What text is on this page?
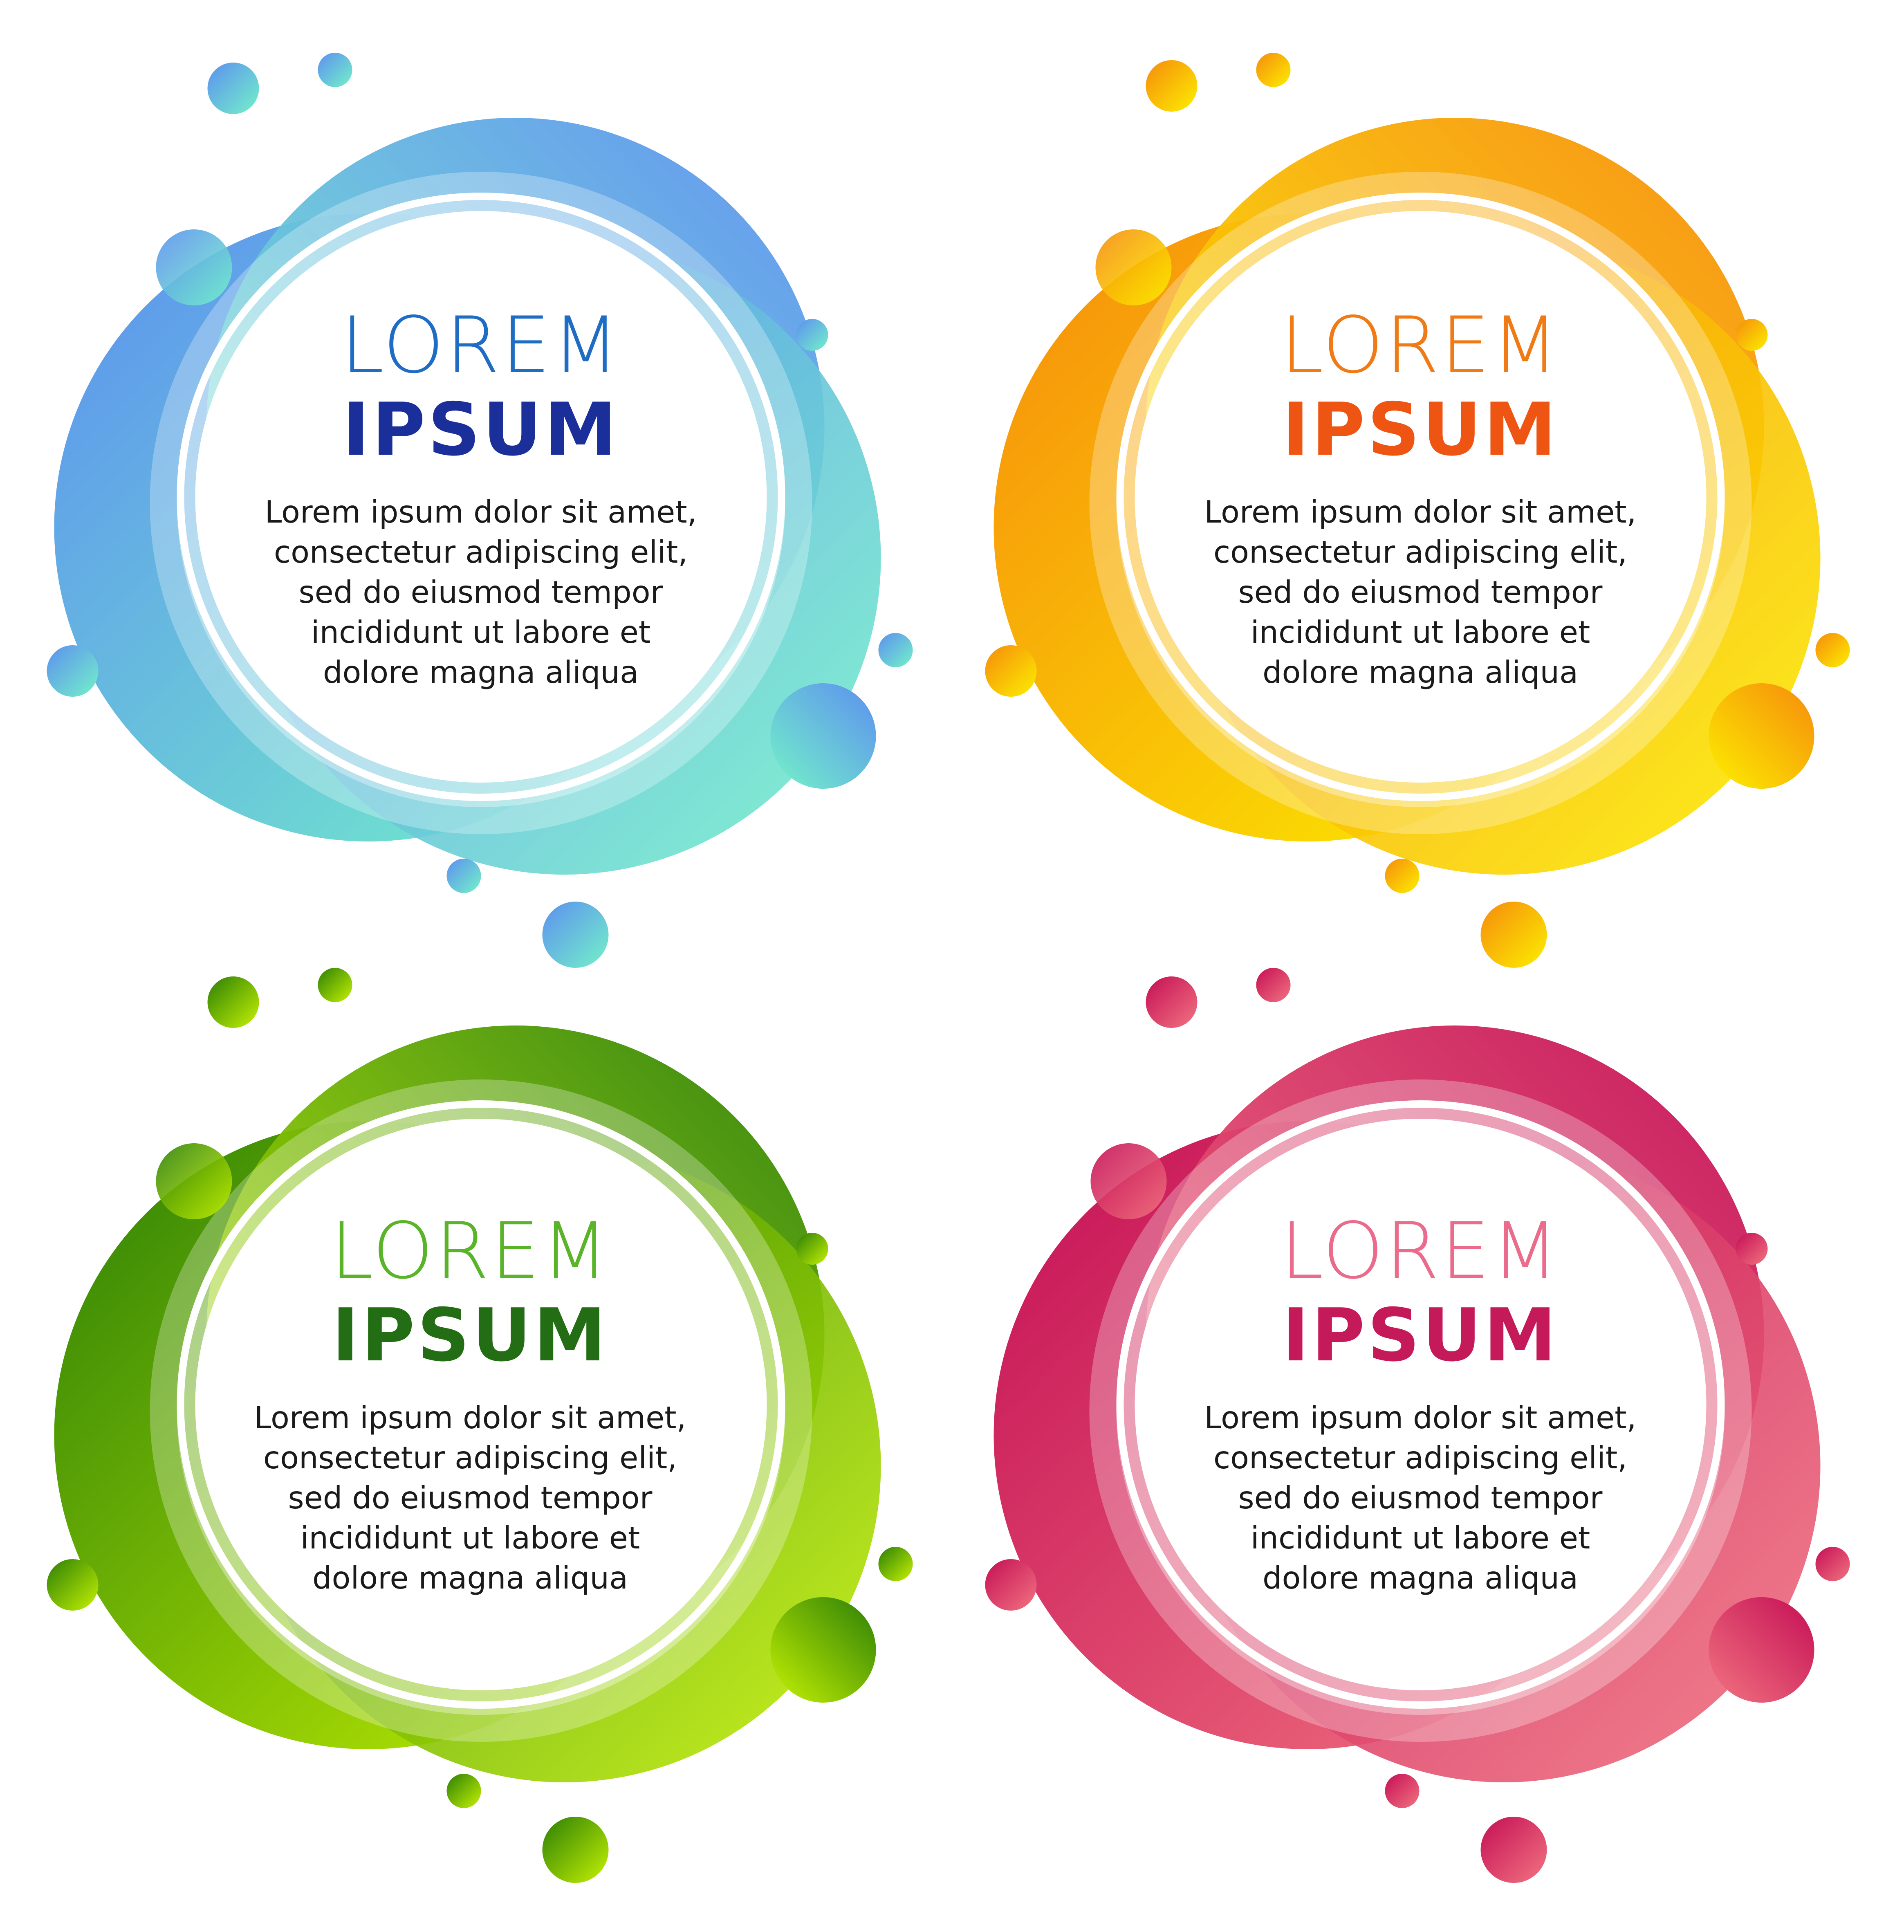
LOREM
IPSUM
Lorem ipsum dolor sit amet,
consectetur adipiscing elit,
sed do eiusmod tempor
incididunt ut labore et
dolore magna aliqua
LOREM
IPSUM
Lorem ipsum dolor sit amet,
consectetur adipiscing elit,
sed do eiusmod tempor
incididunt ut labore et
dolore magna aliqua
LOREM
IPSUM
Lorem ipsum dolor sit amet,
consectetur adipiscing elit,
sed do eiusmod tempor
incididunt ut labore et
dolore magna aliqua
LOREM
IPSUM
Lorem ipsum dolor sit amet,
consectetur adipiscing elit,
sed do eiusmod tempor
incididunt ut labore et
dolore magna aliqua
